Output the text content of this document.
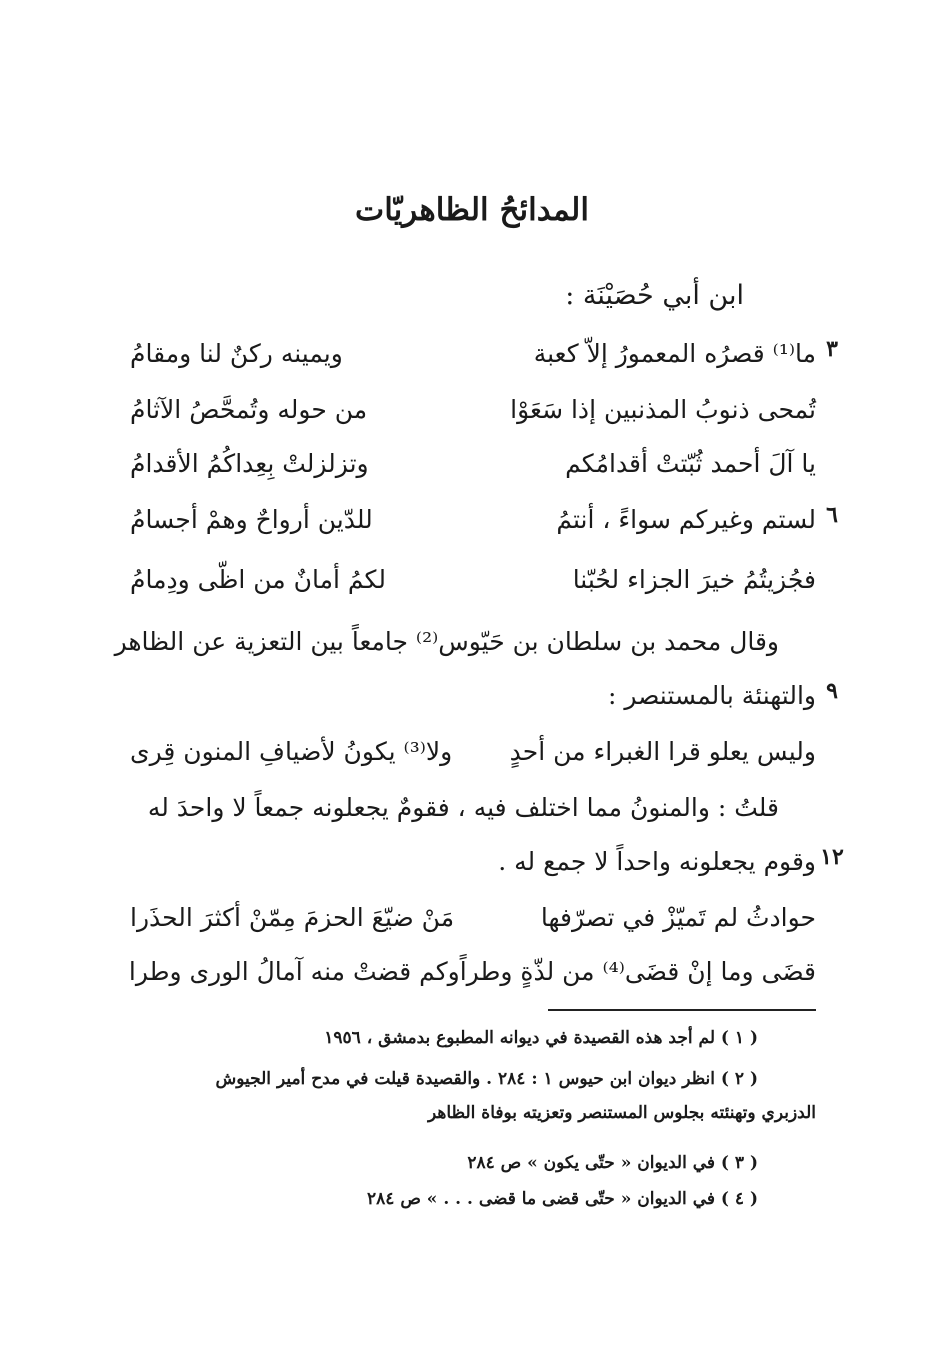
المدائحُ الظاهريّات
ابن أبي حُصَيْنَة :
٣
ما⁽¹⁾ قصرُه المعمورُ إلاّ كعبة
ويمينه ركنٌ لنا ومقامُ
تُمحى ذنوبُ المذنبين إذا سَعَوْا
من حوله وتُمحَّصُ الآثامُ
يا آلَ أحمد ثُبّتتْ أقدامُكم
وتزلزلتْ بِعِداكُمُ الأقدامُ
٦
لستم وغيركم سواءً ، أنتمُ
للدّين أرواحٌ وهمْ أجسامُ
فجُزيتُمُ خيرَ الجزاء لحُبّنا
لكمُ أمانٌ من اظّى ودِمامُ
وقال محمد بن سلطان بن حَيّوس⁽²⁾ جامعاً بين التعزية عن الظاهر
٩
والتهنئة بالمستنصر :
وليس يعلو قرا الغبراء من أحدٍ
ولا⁽³⁾ يكونُ لأضيافِ المنون قِرى
قلتُ : والمنونُ مما اختلف فيه ، فقومٌ يجعلونه جمعاً لا واحدَ له
١٢
وقوم يجعلونه واحداً لا جمع له .
حوادثُ لم تَميّزْ في تصرّفها
مَنْ ضيّعَ الحزمَ مِمّنْ أكثرَ الحذَرا
قضَى وما إنْ قضَى⁽⁴⁾ من لذّةٍ وطراً
وكم قضتْ منه آمالُ الورى وطرا
( ١ ) لم أجد هذه القصيدة في ديوانه المطبوع بدمشق ، ١٩٥٦
( ٢ ) انظر ديوان ابن حيوس ١ : ٢٨٤ . والقصيدة قيلت في مدح أمير الجيوش
الدزبري وتهنئته بجلوس المستنصر وتعزيته بوفاة الظاهر
( ٣ ) في الديوان « حتّى يكون » ص ٢٨٤
( ٤ ) في الديوان « حتّى قضى ما قضى . . . » ص ٢٨٤
